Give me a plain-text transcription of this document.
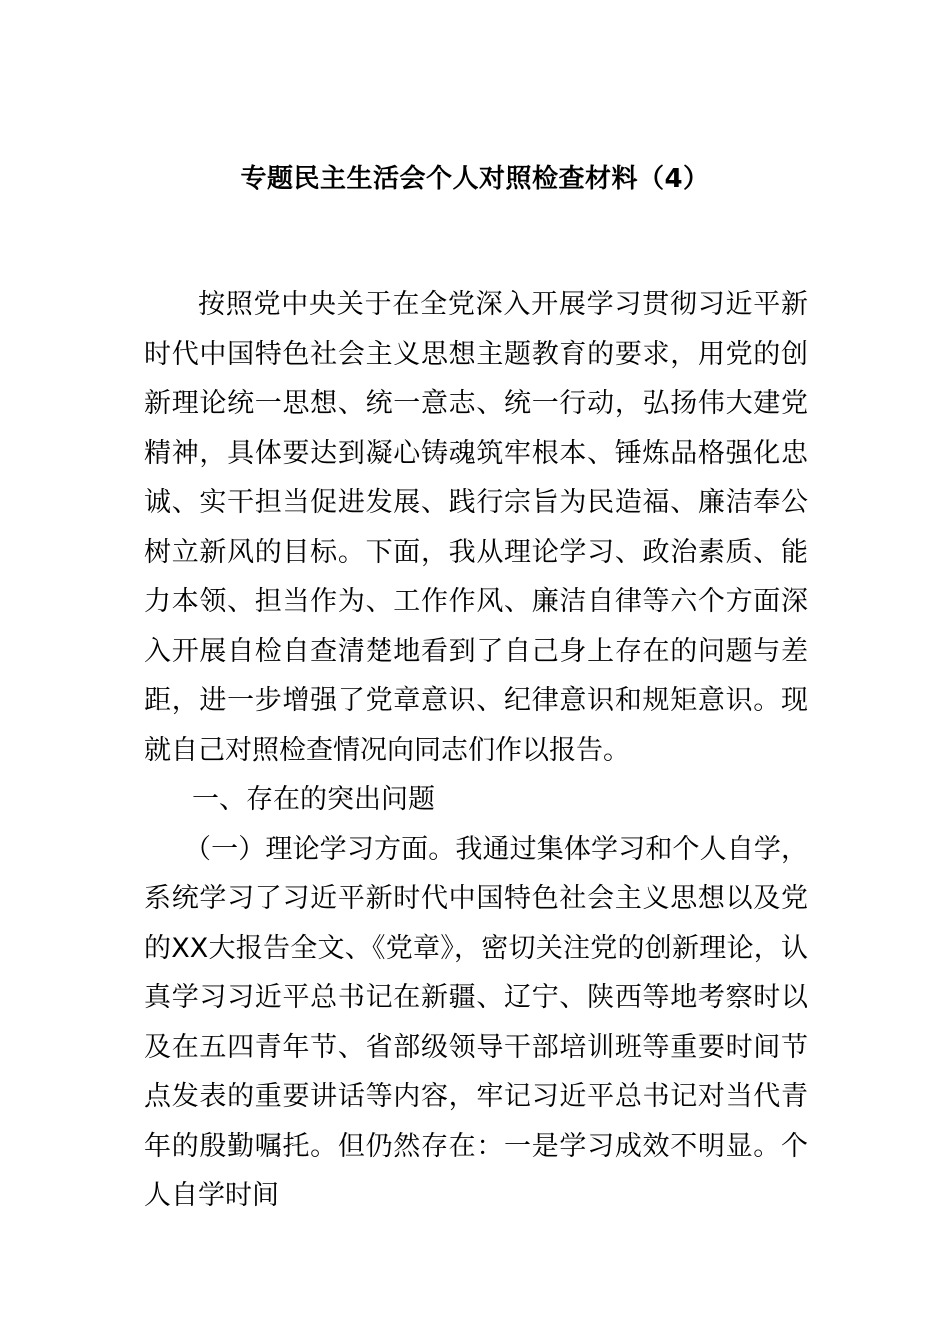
专题民主生活会个人对照检查材料（4）

按照党中央关于在全党深入开展学习贯彻习近平新时代中国特色社会主义思想主题教育的要求，用党的创新理论统一思想、统一意志、统一行动，弘扬伟大建党精神，具体要达到凝心铸魂筑牢根本、锤炼品格强化忠诚、实干担当促进发展、践行宗旨为民造福、廉洁奉公树立新风的目标。下面，我从理论学习、政治素质、能力本领、担当作为、工作作风、廉洁自律等六个方面深入开展自检自查清楚地看到了自己身上存在的问题与差距，进一步增强了党章意识、纪律意识和规矩意识。现就自己对照检查情况向同志们作以报告。

一、存在的突出问题

（一）理论学习方面。我通过集体学习和个人自学，系统学习了习近平新时代中国特色社会主义思想以及党的XX大报告全文、《党章》，密切关注党的创新理论，认真学习习近平总书记在新疆、辽宁、陕西等地考察时以及在五四青年节、省部级领导干部培训班等重要时间节点发表的重要讲话等内容，牢记习近平总书记对当代青年的殷勤嘱托。但仍然存在：一是学习成效不明显。个人自学时间
